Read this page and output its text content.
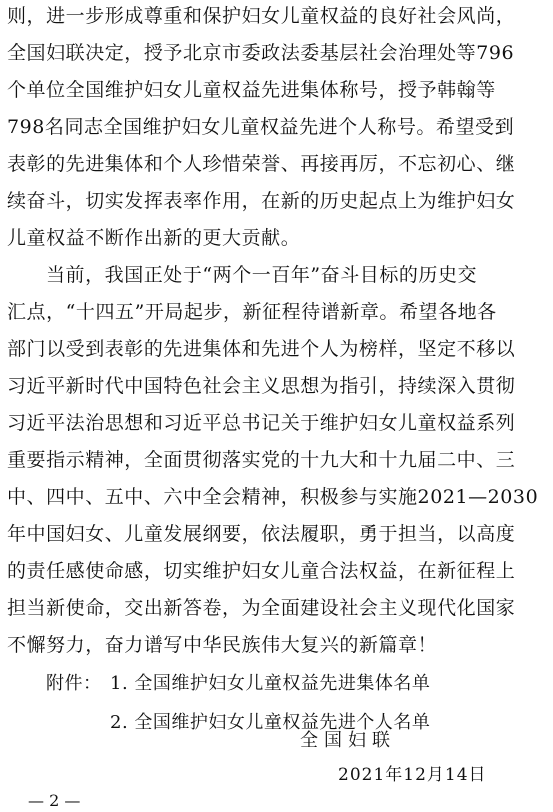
则，进一步形成尊重和保护妇女儿童权益的良好社会风尚，
全国妇联决定，授予北京市委政法委基层社会治理处等796
个单位全国维护妇女儿童权益先进集体称号，授予韩翰等
798名同志全国维护妇女儿童权益先进个人称号。希望受到
表彰的先进集体和个人珍惜荣誉、再接再厉，不忘初心、继
续奋斗，切实发挥表率作用，在新的历史起点上为维护妇女
儿童权益不断作出新的更大贡献。
当前，我国正处于“两个一百年”奋斗目标的历史交
汇点，“十四五”开局起步，新征程待谱新章。希望各地各
部门以受到表彰的先进集体和先进个人为榜样，坚定不移以
习近平新时代中国特色社会主义思想为指引，持续深入贯彻
习近平法治思想和习近平总书记关于维护妇女儿童权益系列
重要指示精神，全面贯彻落实党的十九大和十九届二中、三
中、四中、五中、六中全会精神，积极参与实施2021—2030
年中国妇女、儿童发展纲要，依法履职，勇于担当，以高度
的责任感使命感，切实维护妇女儿童合法权益，在新征程上
担当新使命，交出新答卷，为全面建设社会主义现代化国家
不懈努力，奋力谱写中华民族伟大复兴的新篇章！
附件： 1. 全国维护妇女儿童权益先进集体名单
2. 全国维护妇女儿童权益先进个人名单
全国妇联
2021年12月14日
— 2 —
